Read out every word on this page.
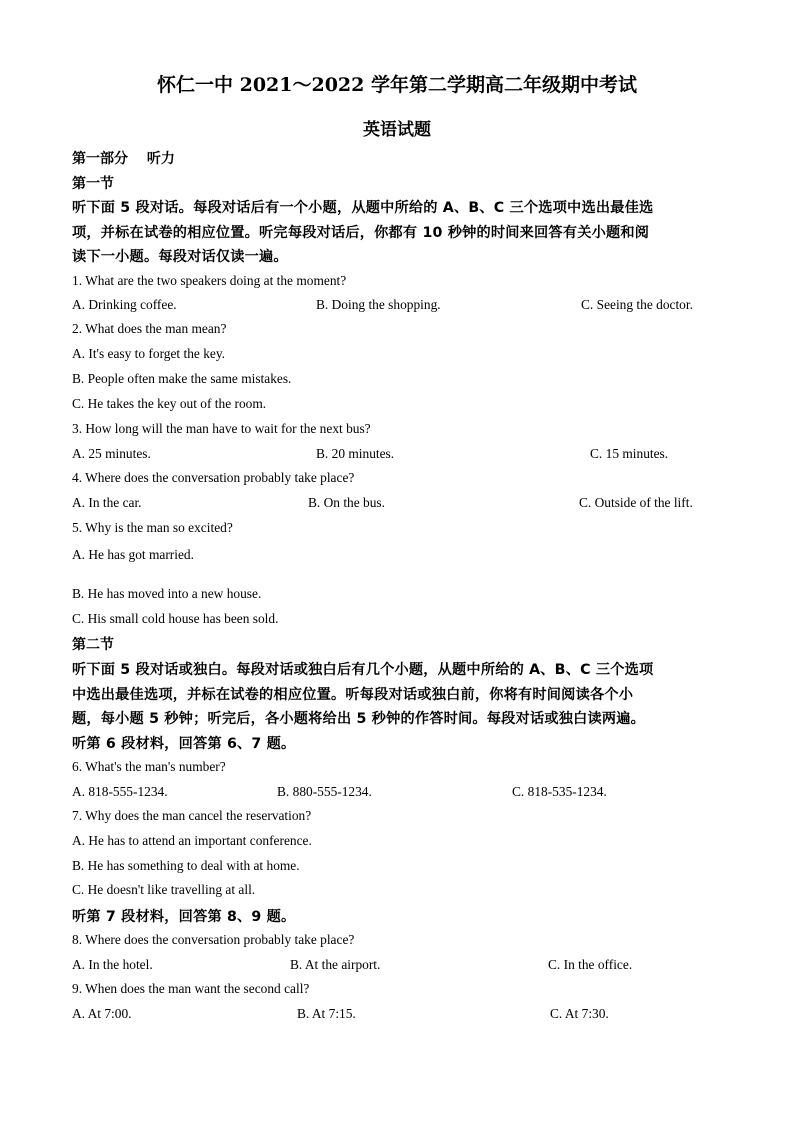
怀仁一中 2021～2022 学年第二学期高二年级期中考试
英语试题
第一部分　 听力
第一节
听下面 5 段对话。每段对话后有一个小题，从题中所给的 A、B、C 三个选项中选出最佳选
项，并标在试卷的相应位置。听完每段对话后，你都有 10 秒钟的时间来回答有关小题和阅
读下一小题。每段对话仅读一遍。
1. What are the two speakers doing at the moment?
A. Drinking coffee.	B. Doing the shopping.	C. Seeing the doctor.
2. What does the man mean?
A. It's easy to forget the key.
B. People often make the same mistakes.
C. He takes the key out of the room.
3. How long will the man have to wait for the next bus?
A. 25 minutes.	B. 20 minutes.	C. 15 minutes.
4. Where does the conversation probably take place?
A. In the car.	B. On the bus.	C. Outside of the lift.
5. Why is the man so excited?
A. He has got married.
B. He has moved into a new house.
C. His small cold house has been sold.
第二节
听下面 5 段对话或独白。每段对话或独白后有几个小题，从题中所给的 A、B、C 三个选项
中选出最佳选项，并标在试卷的相应位置。听每段对话或独白前，你将有时间阅读各个小
题，每小题 5 秒钟；听完后，各小题将给出 5 秒钟的作答时间。每段对话或独白读两遍。
听第 6 段材料，回答第 6、7 题。
6. What's the man's number?
A. 818-555-1234.	B. 880-555-1234.	C. 818-535-1234.
7. Why does the man cancel the reservation?
A. He has to attend an important conference.
B. He has something to deal with at home.
C. He doesn't like travelling at all.
听第 7 段材料，回答第 8、9 题。
8. Where does the conversation probably take place?
A. In the hotel.	B. At the airport.	C. In the office.
9. When does the man want the second call?
A. At 7:00.	B. At 7:15.	C. At 7:30.
